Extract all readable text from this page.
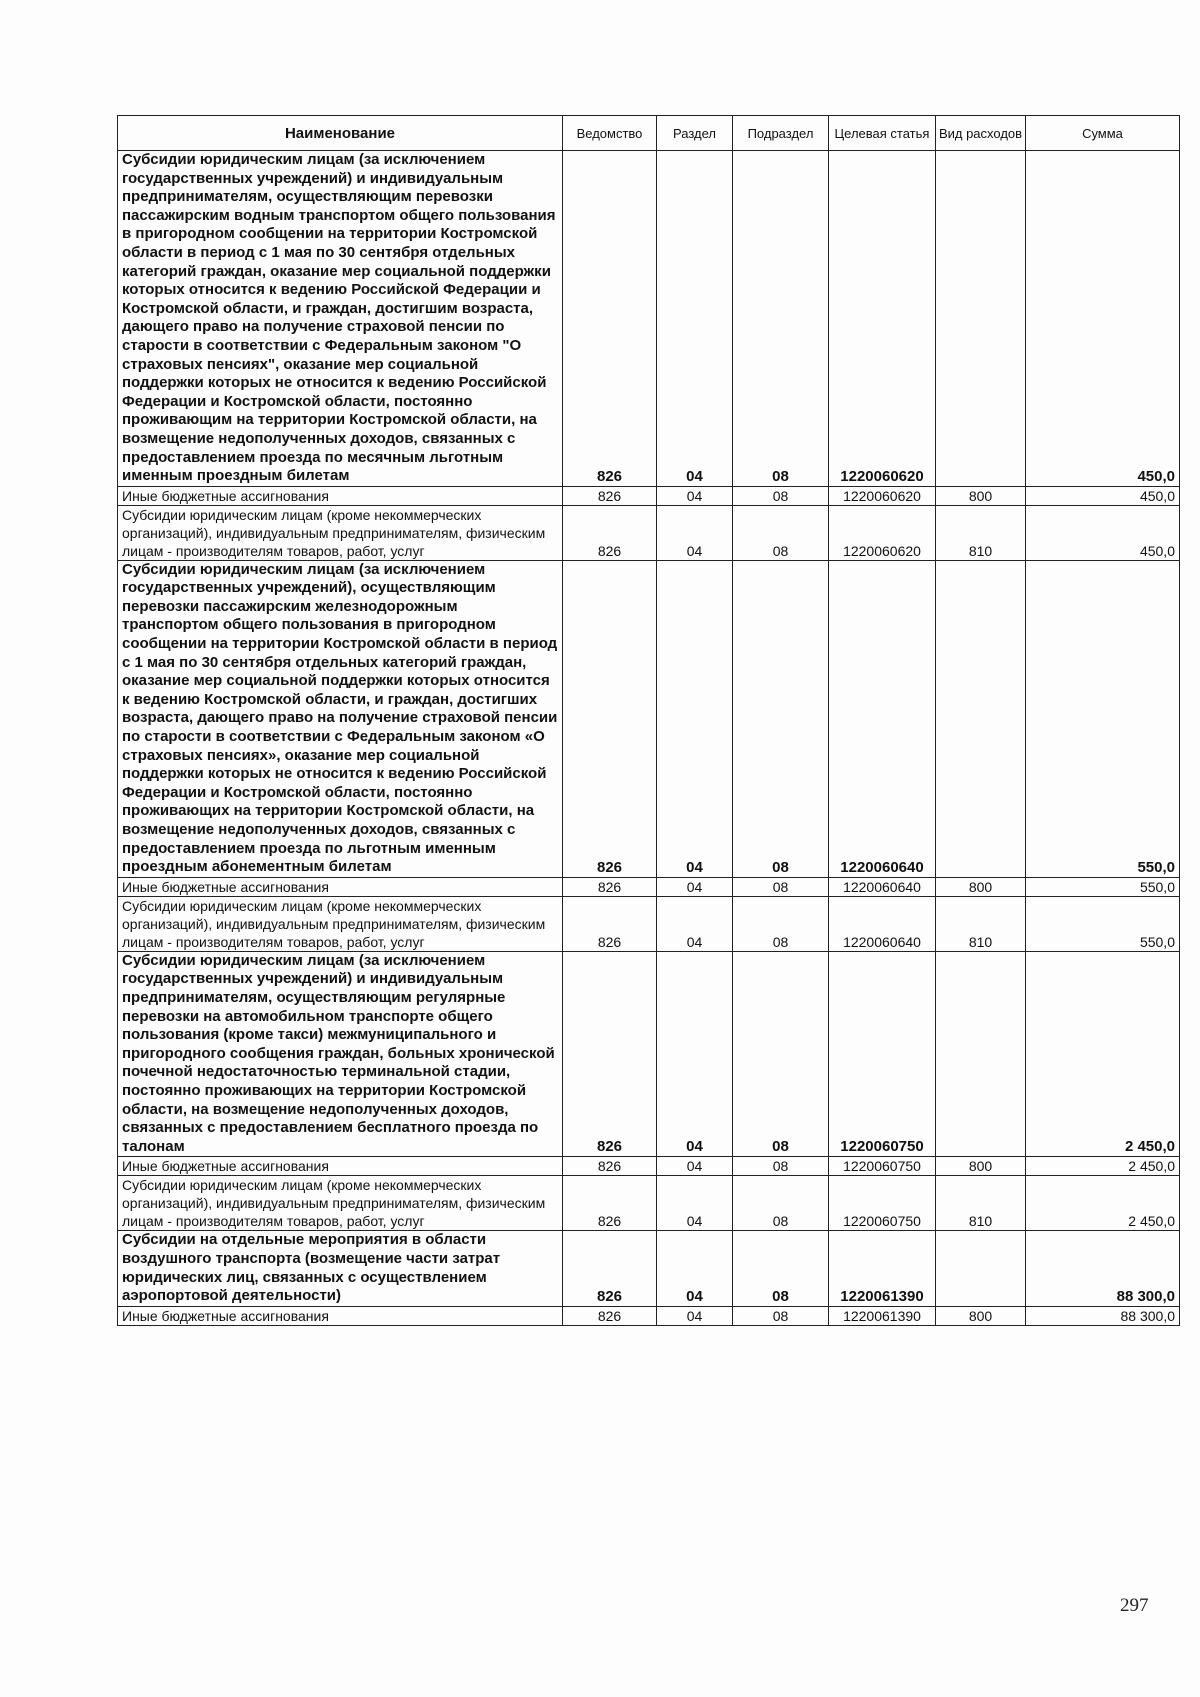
Наименование	Ведомство	Раздел	Подраздел	Целевая статья	Вид расходов	Сумма
Субсидии юридическим лицам (за исключением государственных учреждений) и индивидуальным предпринимателям, осуществляющим перевозки пассажирским водным транспортом общего пользования в пригородном сообщении на территории Костромской области в период с 1 мая по 30 сентября отдельных категорий граждан, оказание мер социальной поддержки которых относится к ведению Российской Федерации и Костромской области, и граждан, достигшим возраста, дающего право на получение страховой пенсии по старости в соответствии с Федеральным законом "О страховых пенсиях", оказание мер социальной поддержки которых не относится к ведению Российской Федерации и Костромской области, постоянно проживающим на территории Костромской области, на возмещение недополученных доходов, связанных с предоставлением проезда по месячным льготным именным проездным билетам	826	04	08	1220060620		450,0
Иные бюджетные ассигнования	826	04	08	1220060620	800	450,0
Субсидии юридическим лицам (кроме некоммерческих организаций), индивидуальным предпринимателям, физическим лицам - производителям товаров, работ, услуг	826	04	08	1220060620	810	450,0
Субсидии юридическим лицам (за исключением государственных учреждений), осуществляющим перевозки пассажирским железнодорожным транспортом общего пользования в пригородном сообщении на территории Костромской области в период с 1 мая по 30 сентября отдельных категорий граждан, оказание мер социальной поддержки которых относится к ведению Костромской области, и граждан, достигших возраста, дающего право на получение страховой пенсии по старости в соответствии с Федеральным законом «О страховых пенсиях», оказание мер социальной поддержки которых не относится к ведению Российской Федерации и Костромской области, постоянно проживающих на территории Костромской области, на возмещение недополученных доходов, связанных с предоставлением проезда по льготным именным проездным абонементным билетам	826	04	08	1220060640		550,0
Иные бюджетные ассигнования	826	04	08	1220060640	800	550,0
Субсидии юридическим лицам (кроме некоммерческих организаций), индивидуальным предпринимателям, физическим лицам - производителям товаров, работ, услуг	826	04	08	1220060640	810	550,0
Субсидии юридическим лицам (за исключением государственных учреждений) и индивидуальным предпринимателям, осуществляющим регулярные перевозки на автомобильном транспорте общего пользования (кроме такси) межмуниципального и пригородного сообщения граждан, больных хронической почечной недостаточностью терминальной стадии, постоянно проживающих на территории Костромской области, на возмещение недополученных доходов, связанных с предоставлением бесплатного проезда по талонам	826	04	08	1220060750		2 450,0
Иные бюджетные ассигнования	826	04	08	1220060750	800	2 450,0
Субсидии юридическим лицам (кроме некоммерческих организаций), индивидуальным предпринимателям, физическим лицам - производителям товаров, работ, услуг	826	04	08	1220060750	810	2 450,0
Субсидии на отдельные мероприятия в области воздушного транспорта (возмещение части затрат юридических лиц, связанных с осуществлением аэропортовой деятельности)	826	04	08	1220061390		88 300,0
Иные бюджетные ассигнования	826	04	08	1220061390	800	88 300,0
297
